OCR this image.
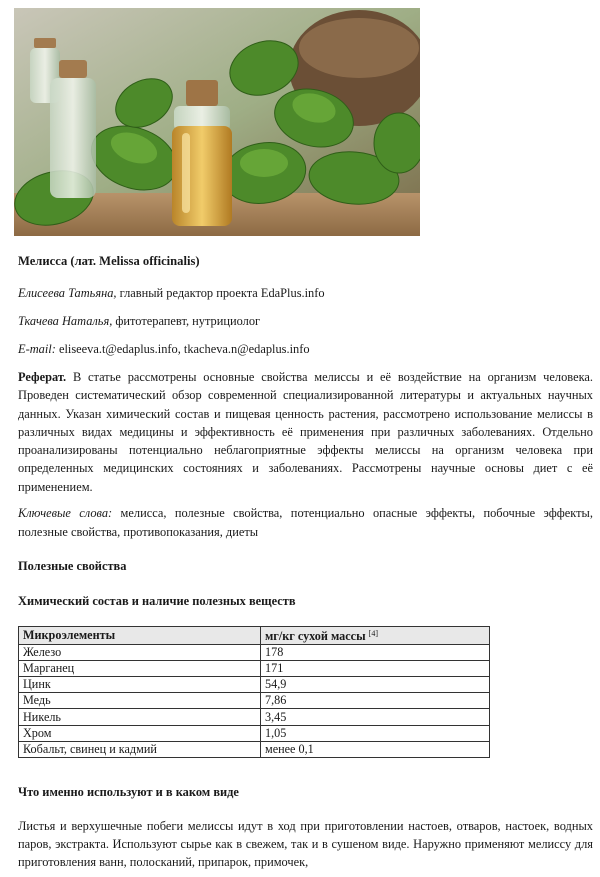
Мелисса (лат. Melissa officinalis)
Елисеева Татьяна, главный редактор проекта EdaPlus.info
Ткачева Наталья, фитотерапевт, нутрициолог
E-mail: eliseeva.t@edaplus.info, tkacheva.n@edaplus.info
Реферат. В статье рассмотрены основные свойства мелиссы и её воздействие на организм человека. Проведен систематический обзор современной специализированной литературы и актуальных научных данных. Указан химический состав и пищевая ценность растения, рассмотрено использование мелиссы в различных видах медицины и эффективность её применения при различных заболеваниях. Отдельно проанализированы потенциально неблагоприятные эффекты мелиссы на организм человека при определенных медицинских состояниях и заболеваниях. Рассмотрены научные основы диет с её применением.
Ключевые слова: мелисса, полезные свойства, потенциально опасные эффекты, побочные эффекты, полезные свойства, противопоказания, диеты
Полезные свойства
Химический состав и наличие полезных веществ
Что именно используют и в каком виде
Листья и верхушечные побеги мелиссы идут в ход при приготовлении настоев, отваров, настоек, водных паров, экстракта. Используют сырье как в свежем, так и в сушеном виде. Наружно применяют мелиссу для приготовления ванн, полосканий, припарок, примочек,
Микроэлементы	мг/кг сухой массы [4]
Железо	178
Марганец	171
Цинк	54,9
Медь	7,86
Никель	3,45
Хром	1,05
Кобальт, свинец и кадмий	менее 0,1
